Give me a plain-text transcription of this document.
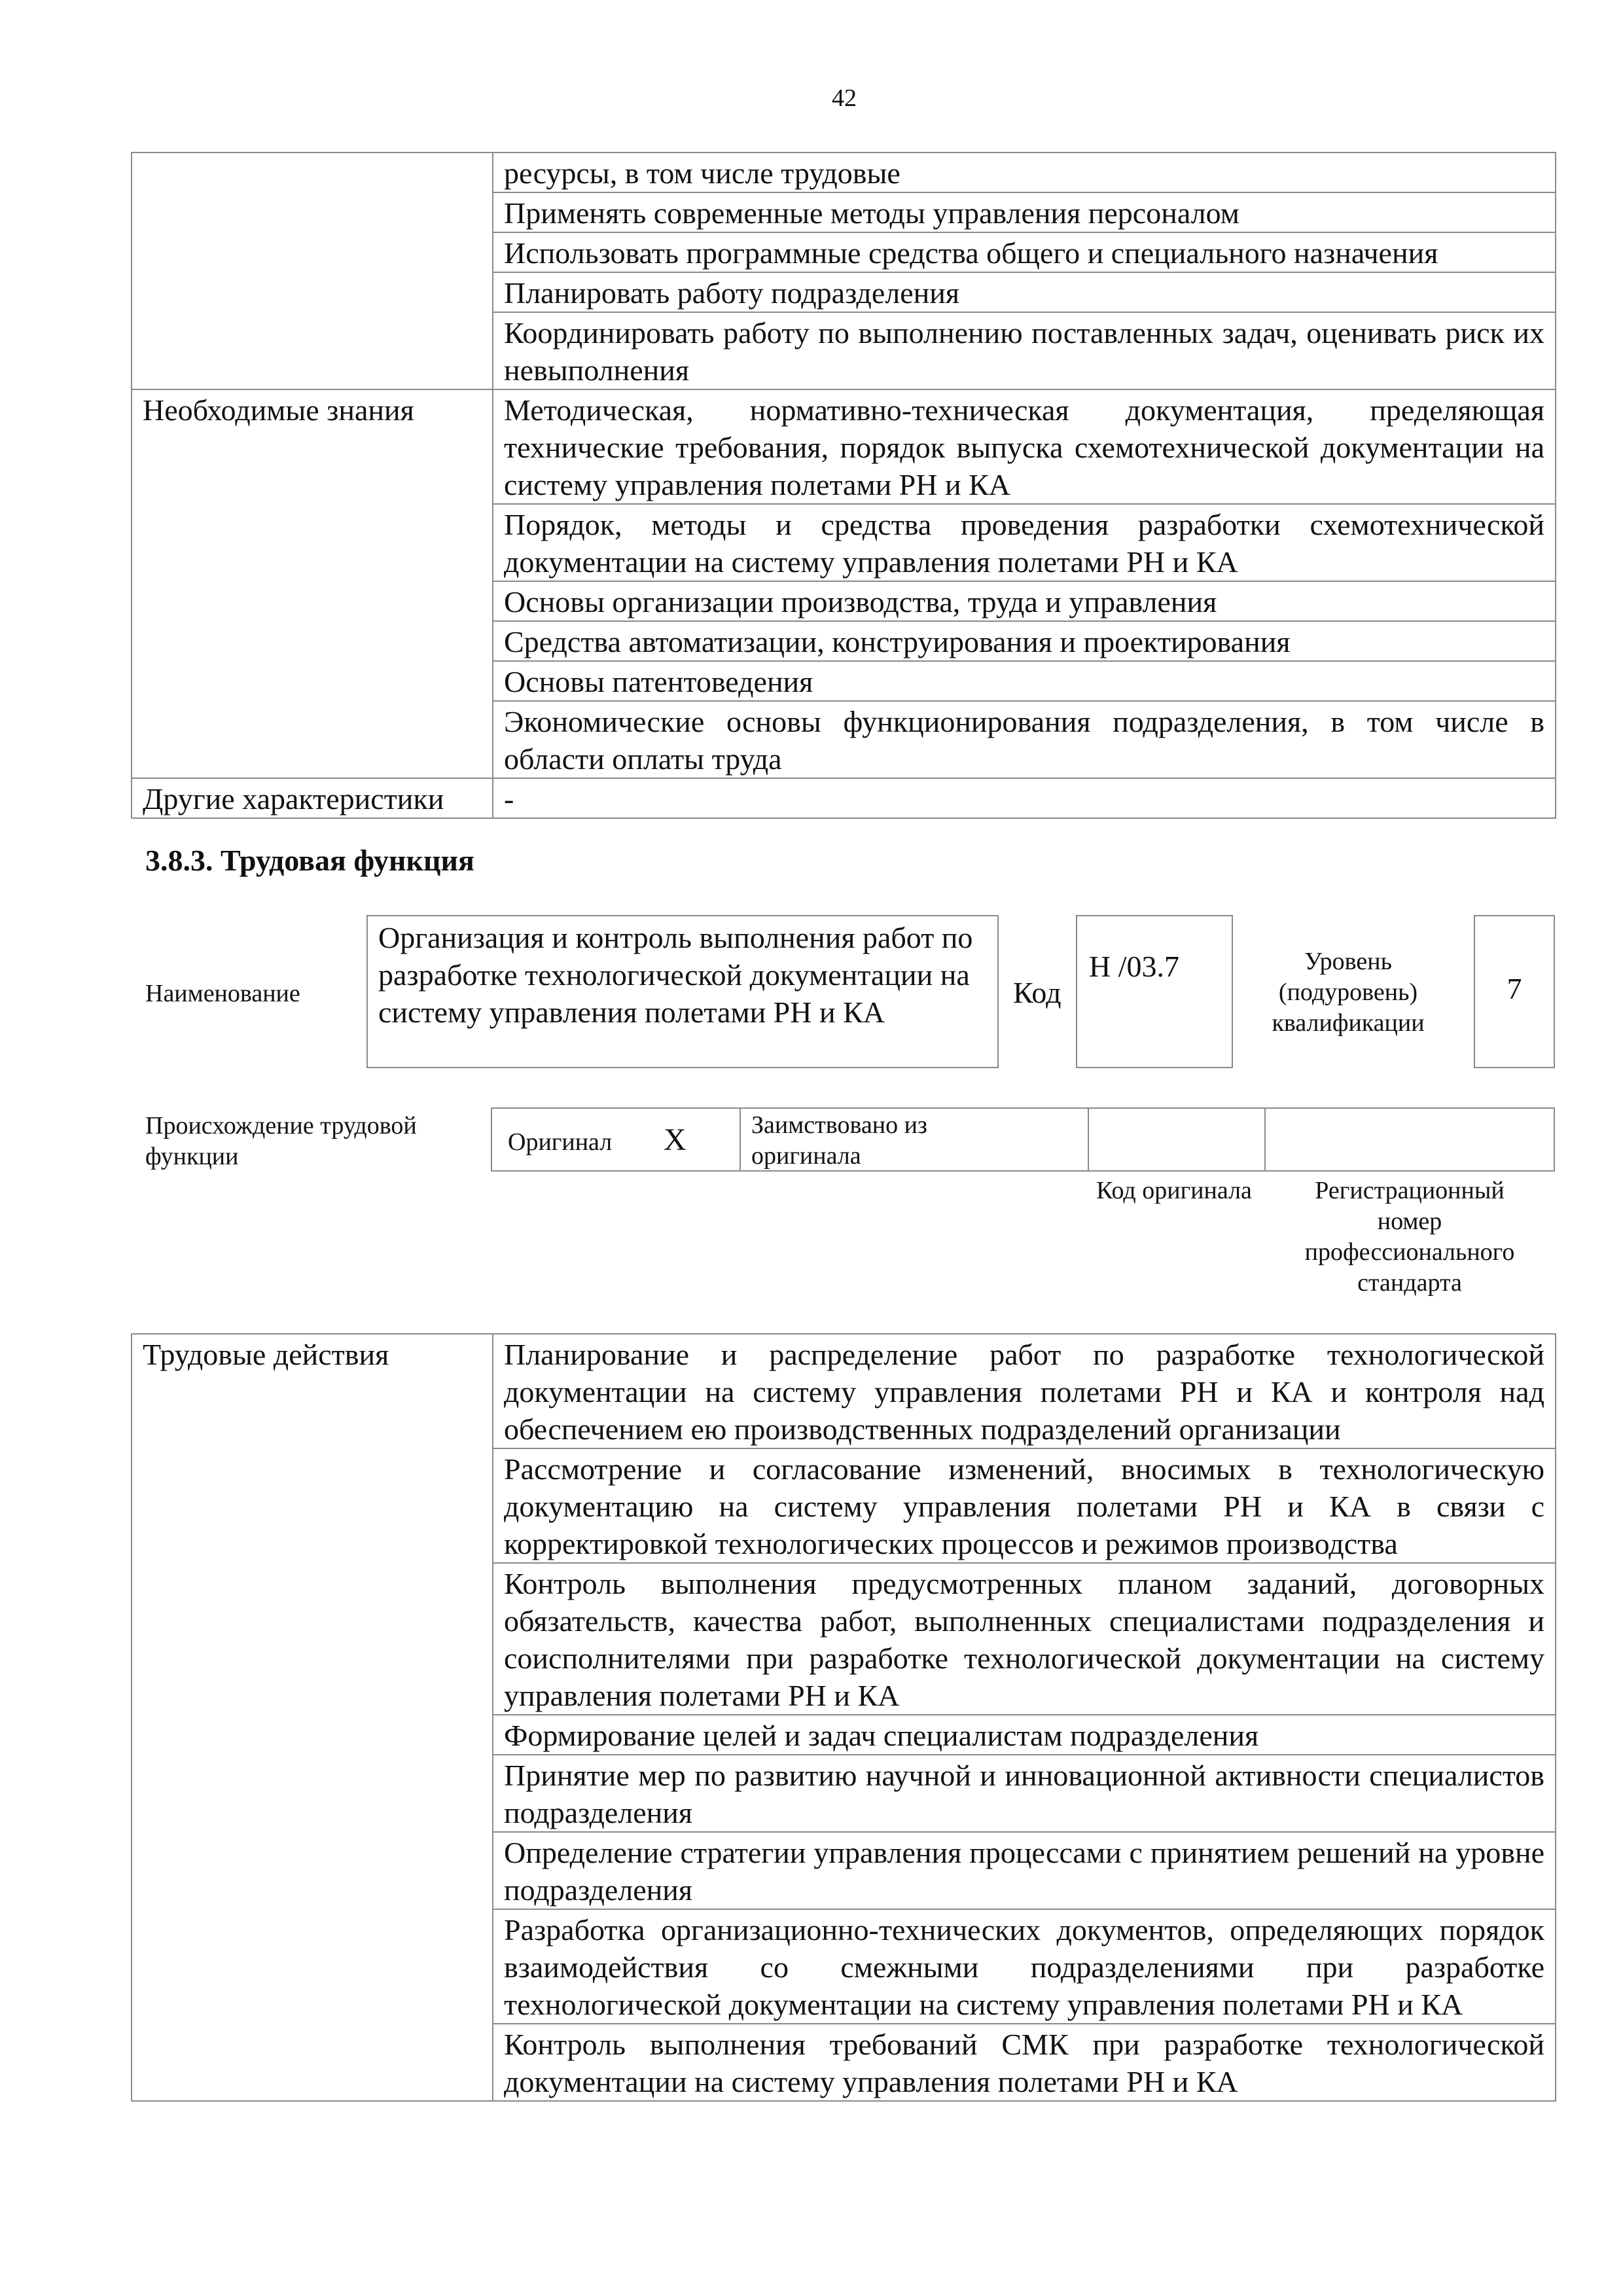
42
	ресурсы, в том числе трудовые
	Применять современные методы управления персоналом
	Использовать программные средства общего и специального назначения
	Планировать работу подразделения
	Координировать работу по выполнению поставленных задач, оценивать риск их невыполнения
Необходимые знания	Методическая, нормативно-техническая документация, пределяющая технические требования, порядок выпуска схемотехнической документации на систему управления полетами РН и КА
	Порядок, методы и средства проведения разработки схемотехнической документации на систему управления полетами РН и КА
	Основы организации производства, труда и управления
	Средства автоматизации, конструирования и проектирования
	Основы патентоведения
	Экономические основы функционирования подразделения, в том числе в области оплаты труда
Другие характеристики	-
3.8.3. Трудовая функция
Наименование
Организация и контроль выполнения работ по разработке технологической документации на систему управления полетами РН и КА
Код
H /03.7	Уровень (подуровень) квалификации
7
Происхождение трудовой функции
Оригинал X	Заимствовано из оригинала
Код оригинала	Регистрационный номер профессионального стандарта
Трудовые действия	Планирование и распределение работ по разработке технологической документации на систему управления полетами РН и КА и контроля над обеспечением ею производственных подразделений организации
Рассмотрение и согласование изменений, вносимых в технологическую документацию на систему управления полетами РН и КА в связи с корректировкой технологических процессов и режимов производства
Контроль выполнения предусмотренных планом заданий, договорных обязательств, качества работ, выполненных специалистами подразделения и соисполнителями при разработке технологической документации на систему управления полетами РН и КА
Формирование целей и задач специалистам подразделения
Принятие мер по развитию научной и инновационной активности специалистов подразделения
Определение стратегии управления процессами с принятием решений на уровне подразделения
Разработка организационно-технических документов, определяющих порядок взаимодействия со смежными подразделениями при разработке технологической документации на систему управления полетами РН и КА
Контроль выполнения требований СМК при разработке технологической документации на систему управления полетами РН и КА
